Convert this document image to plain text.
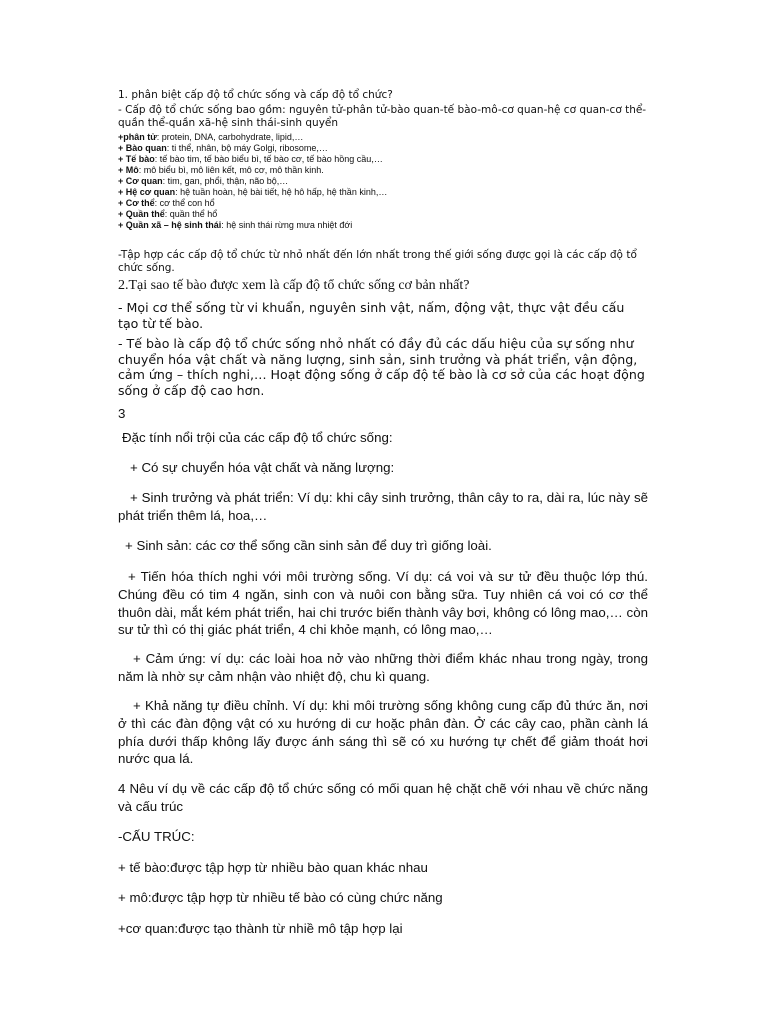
1. phân biệt cấp độ tổ chức sống và cấp độ tổ chức?

- Cấp độ tổ chức sống bao gồm: nguyên tử-phân tử-bào quan-tế bào-mô-cơ quan-hệ cơ quan-cơ thể-quần thể-quần xã-hệ sinh thái-sinh quyển

+phân tử: protein, DNA, carbohydrate, lipid,…
+ Bào quan: ti thể, nhân, bộ máy Golgi, ribosome,…
+ Tế bào: tế bào tim, tế bào biểu bì, tế bào cơ, tế bào hồng cầu,…
+ Mô: mô biểu bì, mô liên kết, mô cơ, mô thần kinh.
+ Cơ quan: tim, gan, phổi, thận, não bộ,…
+ Hệ cơ quan: hệ tuần hoàn, hệ bài tiết, hệ hô hấp, hệ thần kinh,…
+ Cơ thể: cơ thể con hổ
+ Quần thể: quần thể hổ
+ Quần xã – hệ sinh thái: hệ sinh thái rừng mưa nhiệt đới

-Tập hợp các cấp độ tổ chức từ nhỏ nhất đến lớn nhất trong thế giới sống được gọi là các cấp độ tổ chức sống.

2.Tại sao tế bào được xem là cấp độ tổ chức sống cơ bản nhất?

- Mọi cơ thể sống từ vi khuẩn, nguyên sinh vật, nấm, động vật, thực vật đều cấu tạo từ tế bào.

- Tế bào là cấp độ tổ chức sống nhỏ nhất có đầy đủ các dấu hiệu của sự sống như chuyển hóa vật chất và năng lượng, sinh sản, sinh trưởng và phát triển, vận động, cảm ứng – thích nghi,… Hoạt động sống ở cấp độ tế bào là cơ sở của các hoạt động sống ở cấp độ cao hơn.

3

Đặc tính nổi trội của các cấp độ tổ chức sống:

+ Có sự chuyển hóa vật chất và năng lượng:

+ Sinh trưởng và phát triển: Ví dụ: khi cây sinh trưởng, thân cây to ra, dài ra, lúc này sẽ phát triển thêm lá, hoa,…

+ Sinh sản: các cơ thể sống cần sinh sản để duy trì giống loài.

+ Tiến hóa thích nghi với môi trường sống. Ví dụ: cá voi và sư tử đều thuộc lớp thú. Chúng đều có tim 4 ngăn, sinh con và nuôi con bằng sữa. Tuy nhiên cá voi có cơ thể thuôn dài, mắt kém phát triển, hai chi trước biến thành vây bơi, không có lông mao,… còn sư tử thì có thị giác phát triển, 4 chi khỏe mạnh, có lông mao,…

+ Cảm ứng: ví dụ: các loài hoa nở vào những thời điểm khác nhau trong ngày, trong năm là nhờ sự cảm nhận vào nhiệt độ, chu kì quang.

+ Khả năng tự điều chỉnh. Ví dụ: khi môi trường sống không cung cấp đủ thức ăn, nơi ở thì các đàn động vật có xu hướng di cư hoặc phân đàn. Ở các cây cao, phần cành lá phía dưới thấp không lấy được ánh sáng thì sẽ có xu hướng tự chết để giảm thoát hơi nước qua lá.

4 Nêu ví dụ về các cấp độ tổ chức sống có mối quan hệ chặt chẽ với nhau về chức năng và cấu trúc

-CẤU TRÚC:

+ tế bào:được tập hợp từ nhiều bào quan khác nhau

+ mô:được tập hợp từ nhiều tế bào có cùng chức năng

+cơ quan:được tạo thành từ nhiề mô tập hợp lại
